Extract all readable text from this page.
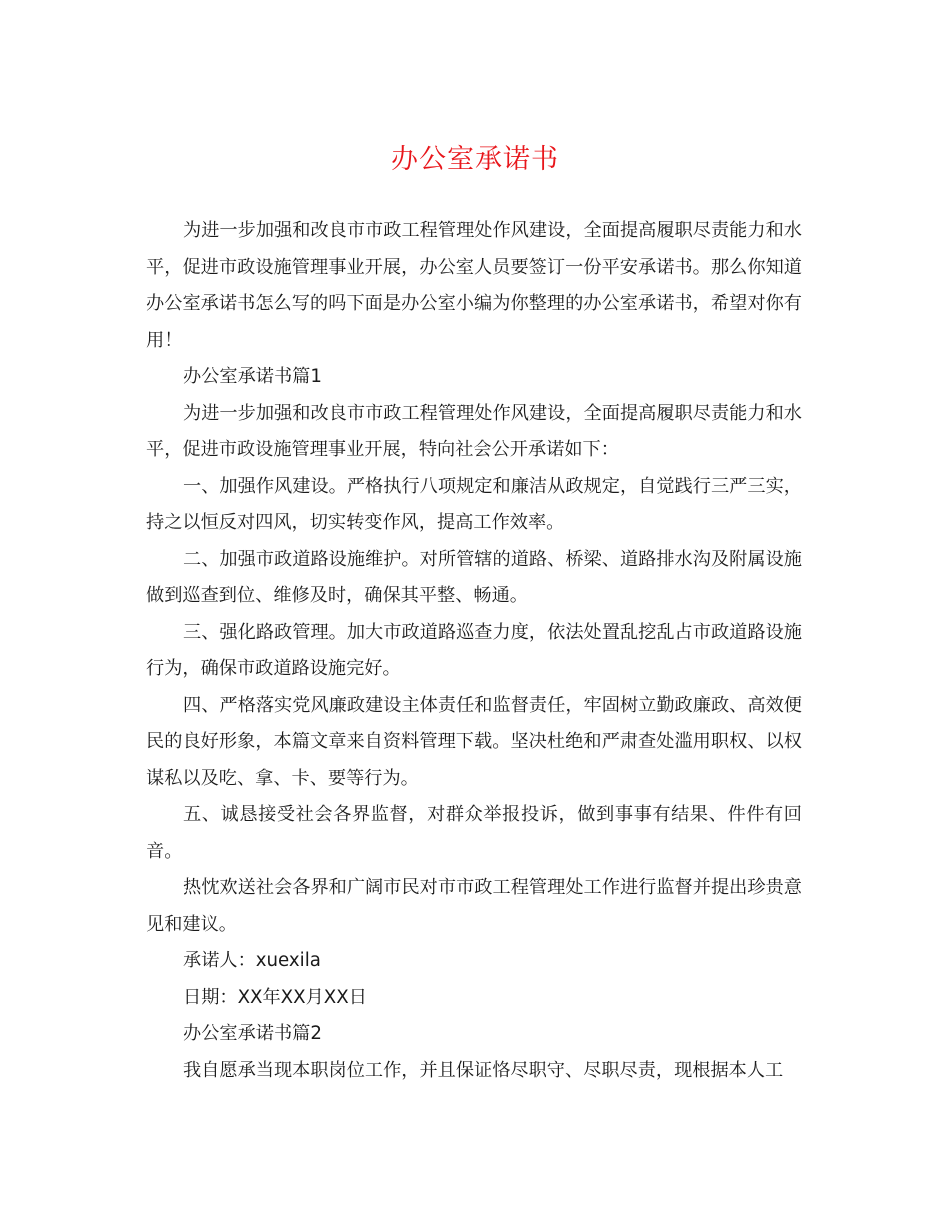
办公室承诺书

为进一步加强和改良市市政工程管理处作风建设，全面提高履职尽责能力和水平，促进市政设施管理事业开展，办公室人员要签订一份平安承诺书。那么你知道办公室承诺书怎么写的吗下面是办公室小编为你整理的办公室承诺书，希望对你有用！

办公室承诺书篇1

为进一步加强和改良市市政工程管理处作风建设，全面提高履职尽责能力和水平，促进市政设施管理事业开展，特向社会公开承诺如下：

一、加强作风建设。严格执行八项规定和廉洁从政规定，自觉践行三严三实，持之以恒反对四风，切实转变作风，提高工作效率。

二、加强市政道路设施维护。对所管辖的道路、桥梁、道路排水沟及附属设施做到巡查到位、维修及时，确保其平整、畅通。

三、强化路政管理。加大市政道路巡查力度，依法处置乱挖乱占市政道路设施行为，确保市政道路设施完好。

四、严格落实党风廉政建设主体责任和监督责任，牢固树立勤政廉政、高效便民的良好形象，本篇文章来自资料管理下载。坚决杜绝和严肃查处滥用职权、以权谋私以及吃、拿、卡、要等行为。

五、诚恳接受社会各界监督，对群众举报投诉，做到事事有结果、件件有回音。

热忱欢送社会各界和广阔市民对市市政工程管理处工作进行监督并提出珍贵意见和建议。

承诺人：xuexila

日期：XX年XX月XX日

办公室承诺书篇2

我自愿承当现本职岗位工作，并且保证恪尽职守、尽职尽责，现根据本人工
